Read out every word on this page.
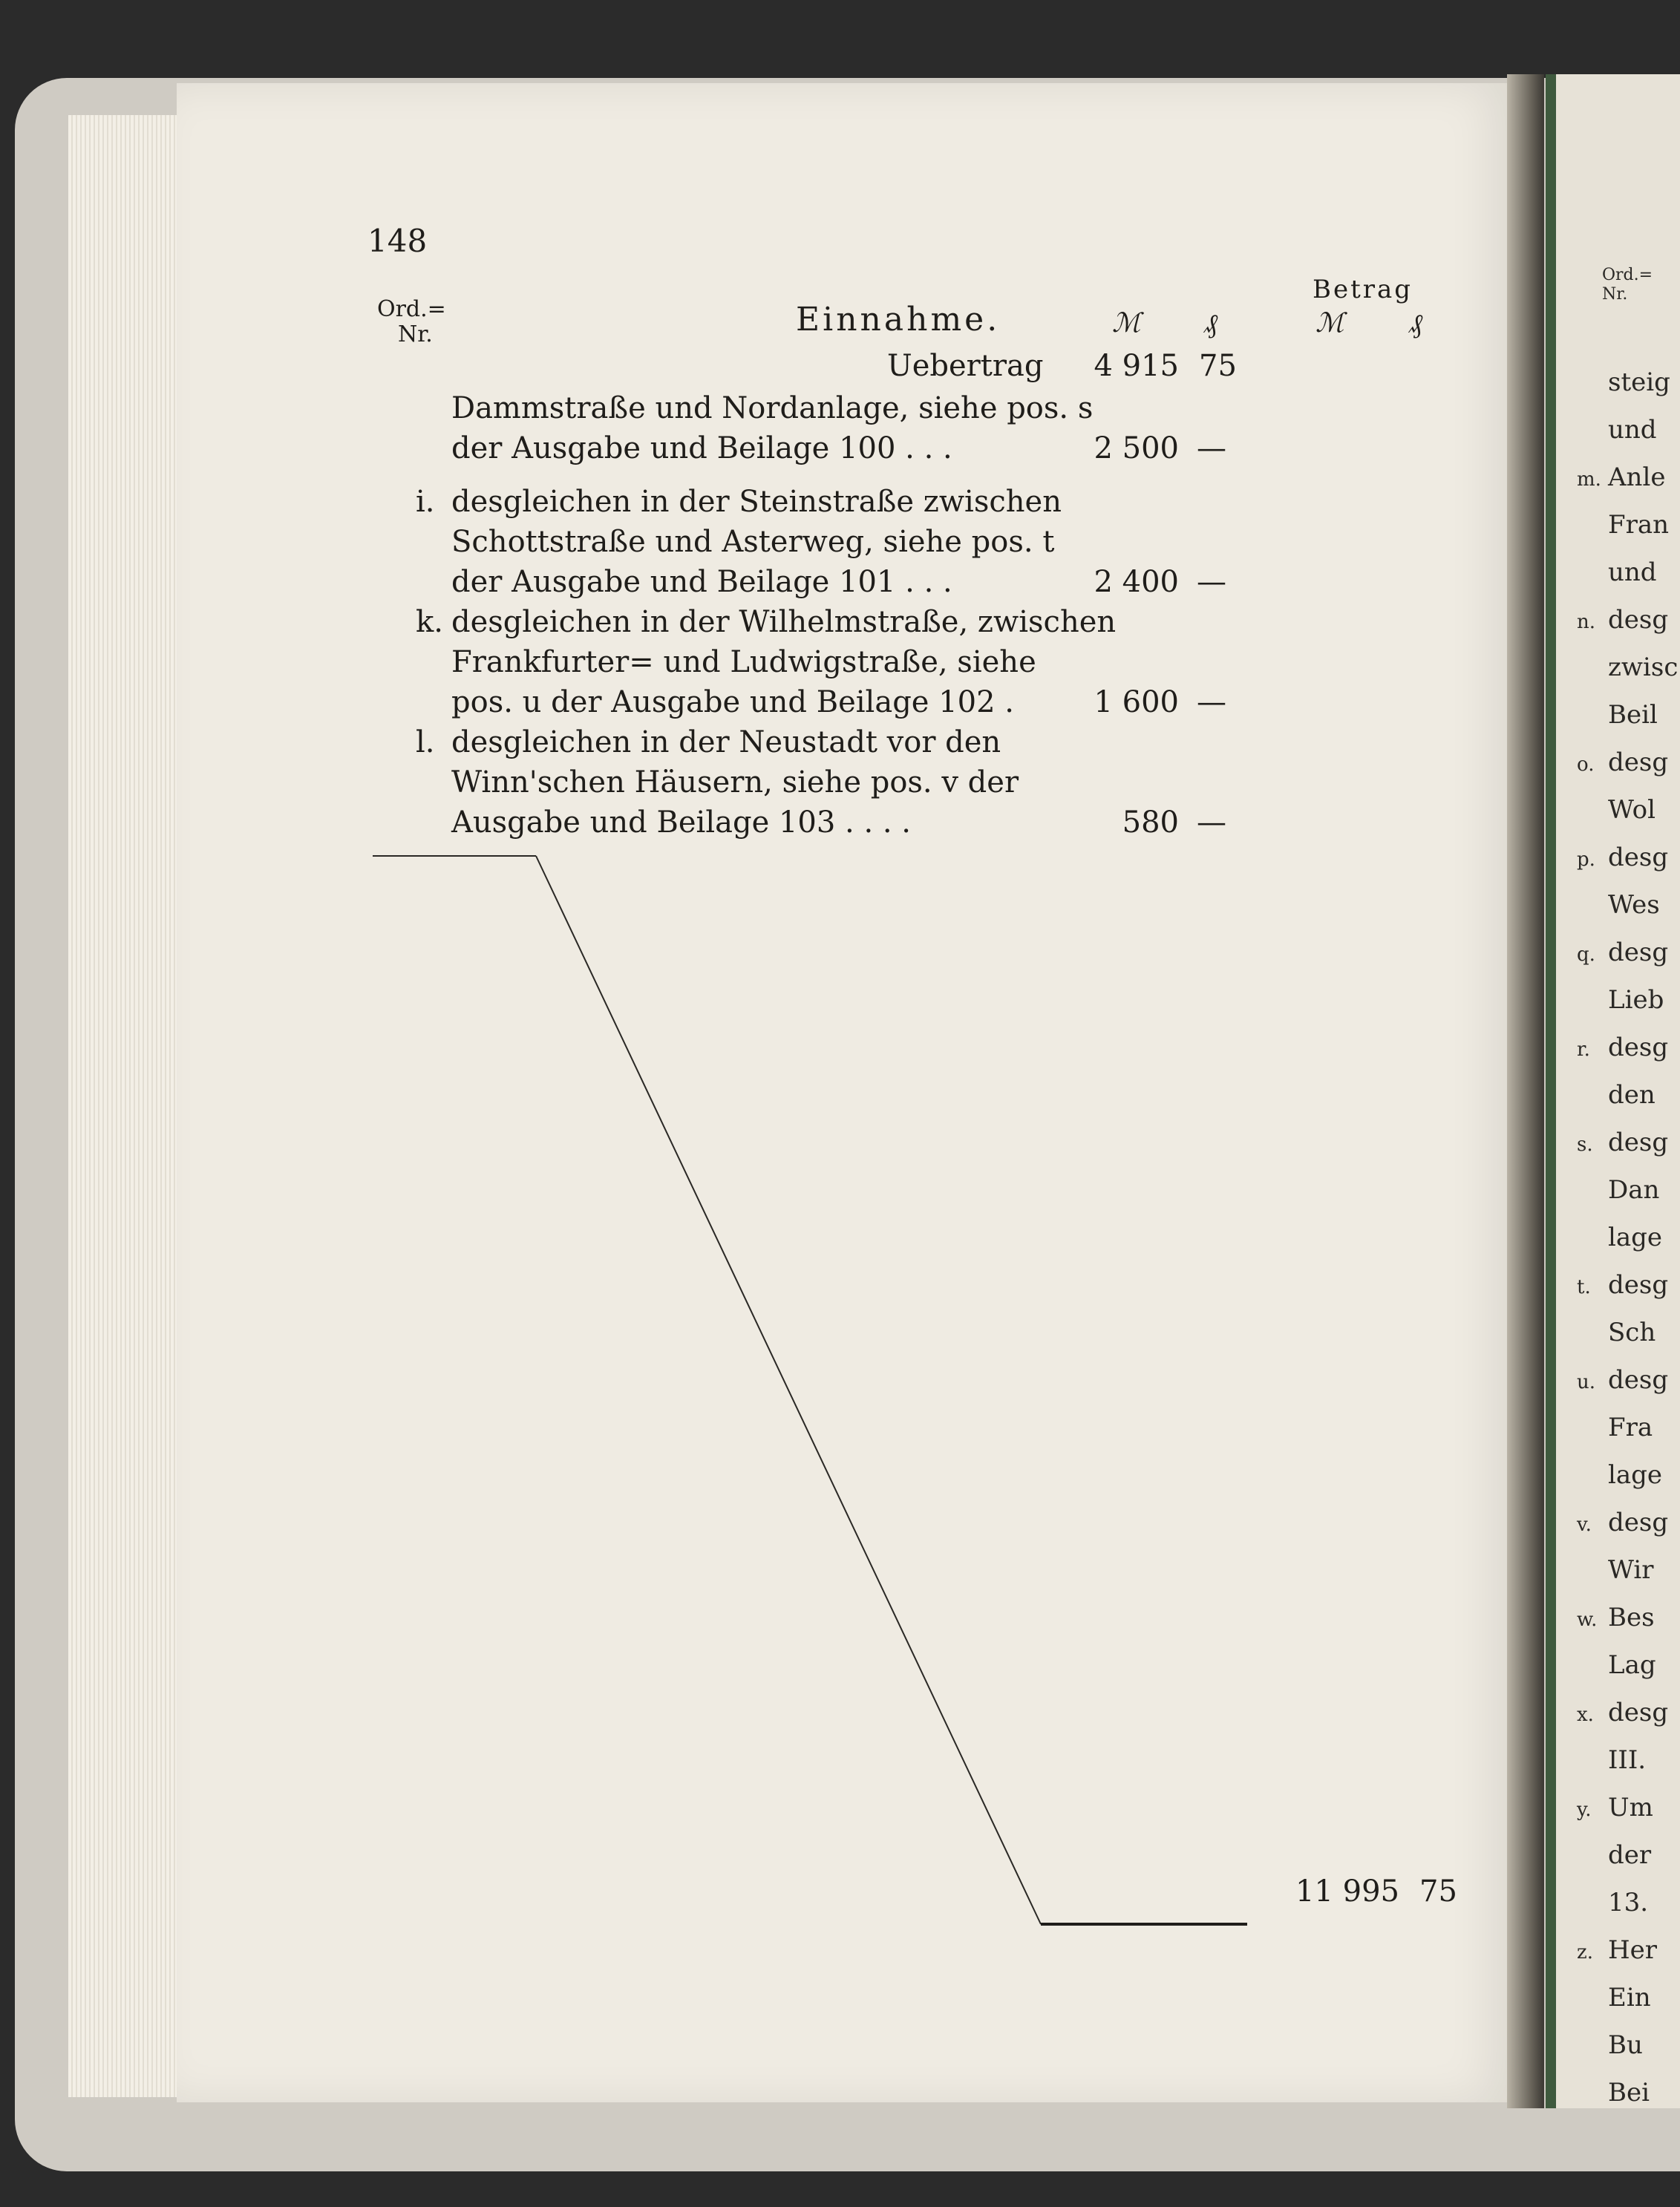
Ord.=
Nr.
steig
und
m. Anle
Fran
und
n. desg
zwisc
Beil
o. desg
Wol
p. desg
Wes
q. desg
Lieb
r. desg
den
s. desg
Dan
lage
t. desg
Sch
u. desg
Fra
lage
v. desg
Wir
w. Bes
Lag
x. desg
III.
y. Um
der
13.
z. Her
Ein
Bu
Bei
148
Ord.=
Nr.	Einnahme.	ℳ ₰
Betrag
ℳ ₰
Uebertrag	4 915 75
Dammstraße und Nordanlage, siehe pos. s
der Ausgabe und Beilage 100 . . .	2 500 —
i. desgleichen in der Steinstraße zwischen
Schottstraße und Asterweg, siehe pos. t
der Ausgabe und Beilage 101 . . .	2 400 —
k. desgleichen in der Wilhelmstraße, zwischen
Frankfurter= und Ludwigstraße, siehe
pos. u der Ausgabe und Beilage 102 .	1 600 —
l. desgleichen in der Neustadt vor den
Winn'schen Häusern, siehe pos. v der
Ausgabe und Beilage 103 . . . .	580 —
11 995 75
